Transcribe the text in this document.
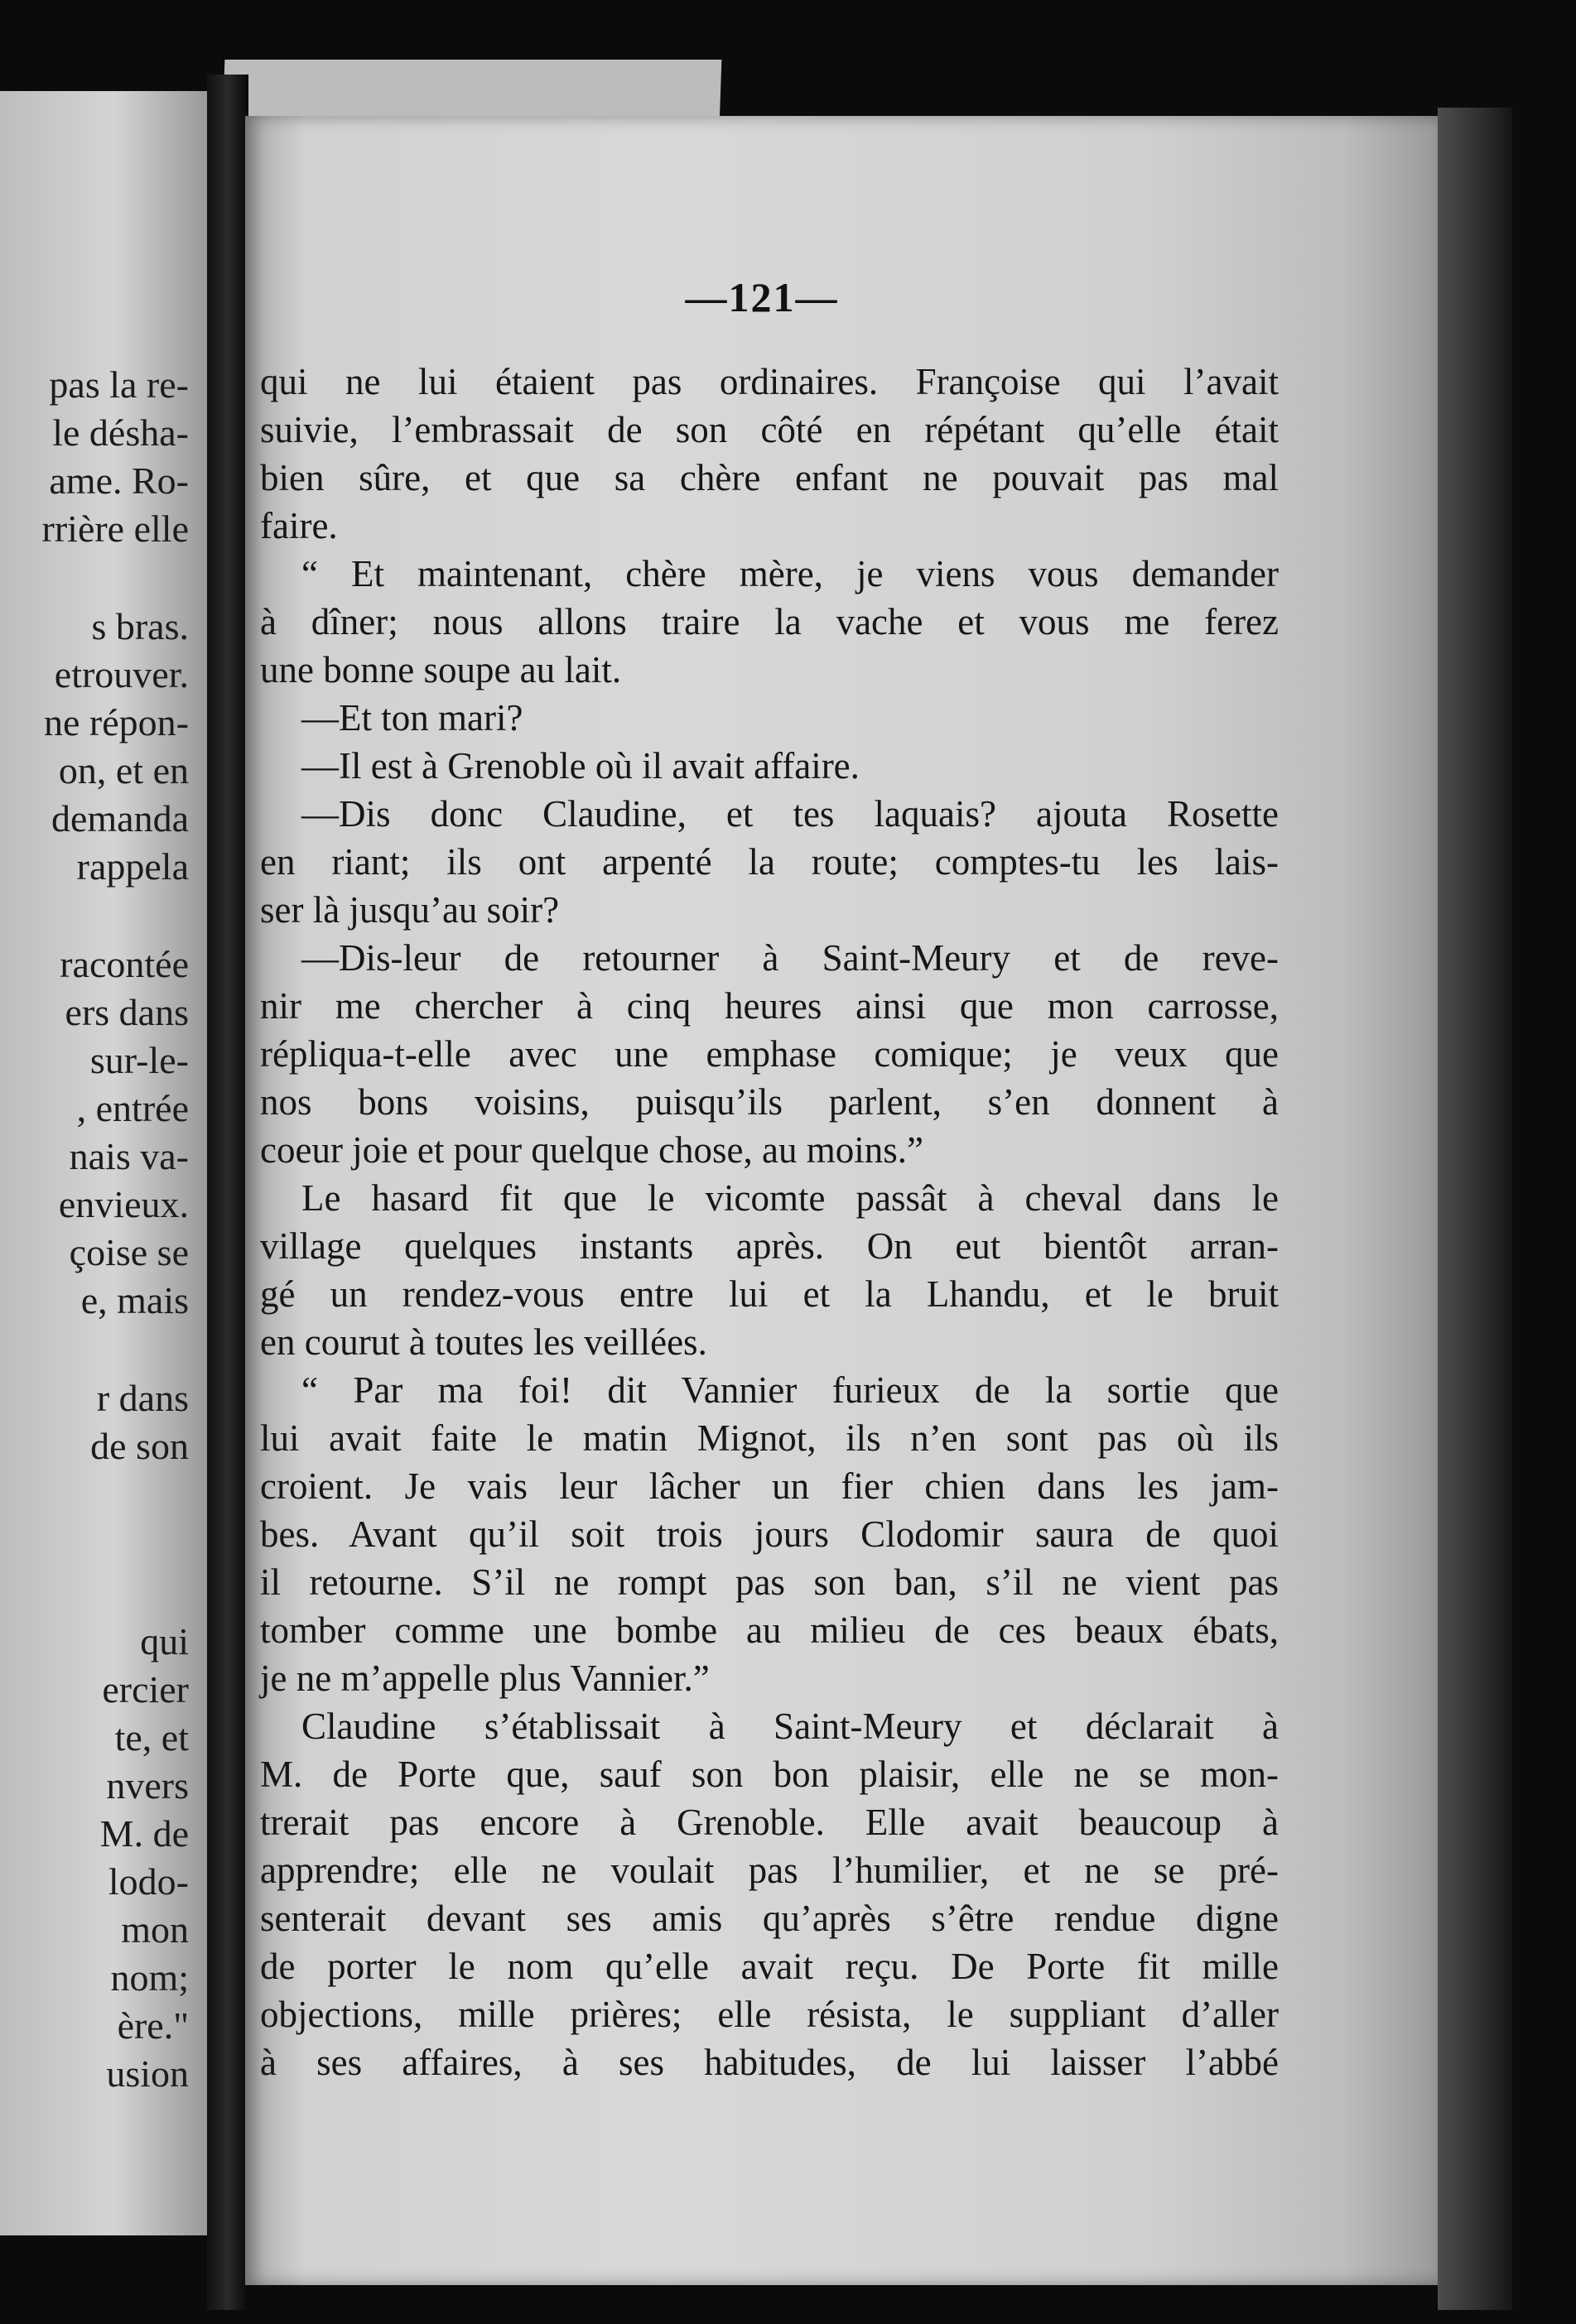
pas la re-
le désha-
ame. Ro-
rrière elle
s bras.
etrouver.
ne répon-
on, et en
demanda
rappela
racontée
ers dans
sur-le-
, entrée
nais va-
envieux.
çoise se
e, mais
r dans
de son
qui
ercier
te, et
nvers
M. de
lodo-
mon
nom;
ère."
usion
—121—
qui ne lui étaient pas ordinaires. Françoise qui l’avait
suivie, l’embrassait de son côté en répétant qu’elle était
bien sûre, et que sa chère enfant ne pouvait pas mal
faire.
“ Et maintenant, chère mère, je viens vous demander
à dîner; nous allons traire la vache et vous me ferez
une bonne soupe au lait.
—Et ton mari?
—Il est à Grenoble où il avait affaire.
—Dis donc Claudine, et tes laquais? ajouta Rosette
en riant; ils ont arpenté la route; comptes-tu les lais-
ser là jusqu’au soir?
—Dis-leur de retourner à Saint-Meury et de reve-
nir me chercher à cinq heures ainsi que mon carrosse,
répliqua-t-elle avec une emphase comique; je veux que
nos bons voisins, puisqu’ils parlent, s’en donnent à
coeur joie et pour quelque chose, au moins.”
Le hasard fit que le vicomte passât à cheval dans le
village quelques instants après. On eut bientôt arran-
gé un rendez-vous entre lui et la Lhandu, et le bruit
en courut à toutes les veillées.
“ Par ma foi! dit Vannier furieux de la sortie que
lui avait faite le matin Mignot, ils n’en sont pas où ils
croient. Je vais leur lâcher un fier chien dans les jam-
bes. Avant qu’il soit trois jours Clodomir saura de quoi
il retourne. S’il ne rompt pas son ban, s’il ne vient pas
tomber comme une bombe au milieu de ces beaux ébats,
je ne m’appelle plus Vannier.”
Claudine s’établissait à Saint-Meury et déclarait à
M. de Porte que, sauf son bon plaisir, elle ne se mon-
trerait pas encore à Grenoble. Elle avait beaucoup à
apprendre; elle ne voulait pas l’humilier, et ne se pré-
senterait devant ses amis qu’après s’être rendue digne
de porter le nom qu’elle avait reçu. De Porte fit mille
objections, mille prières; elle résista, le suppliant d’aller
à ses affaires, à ses habitudes, de lui laisser l’abbé
